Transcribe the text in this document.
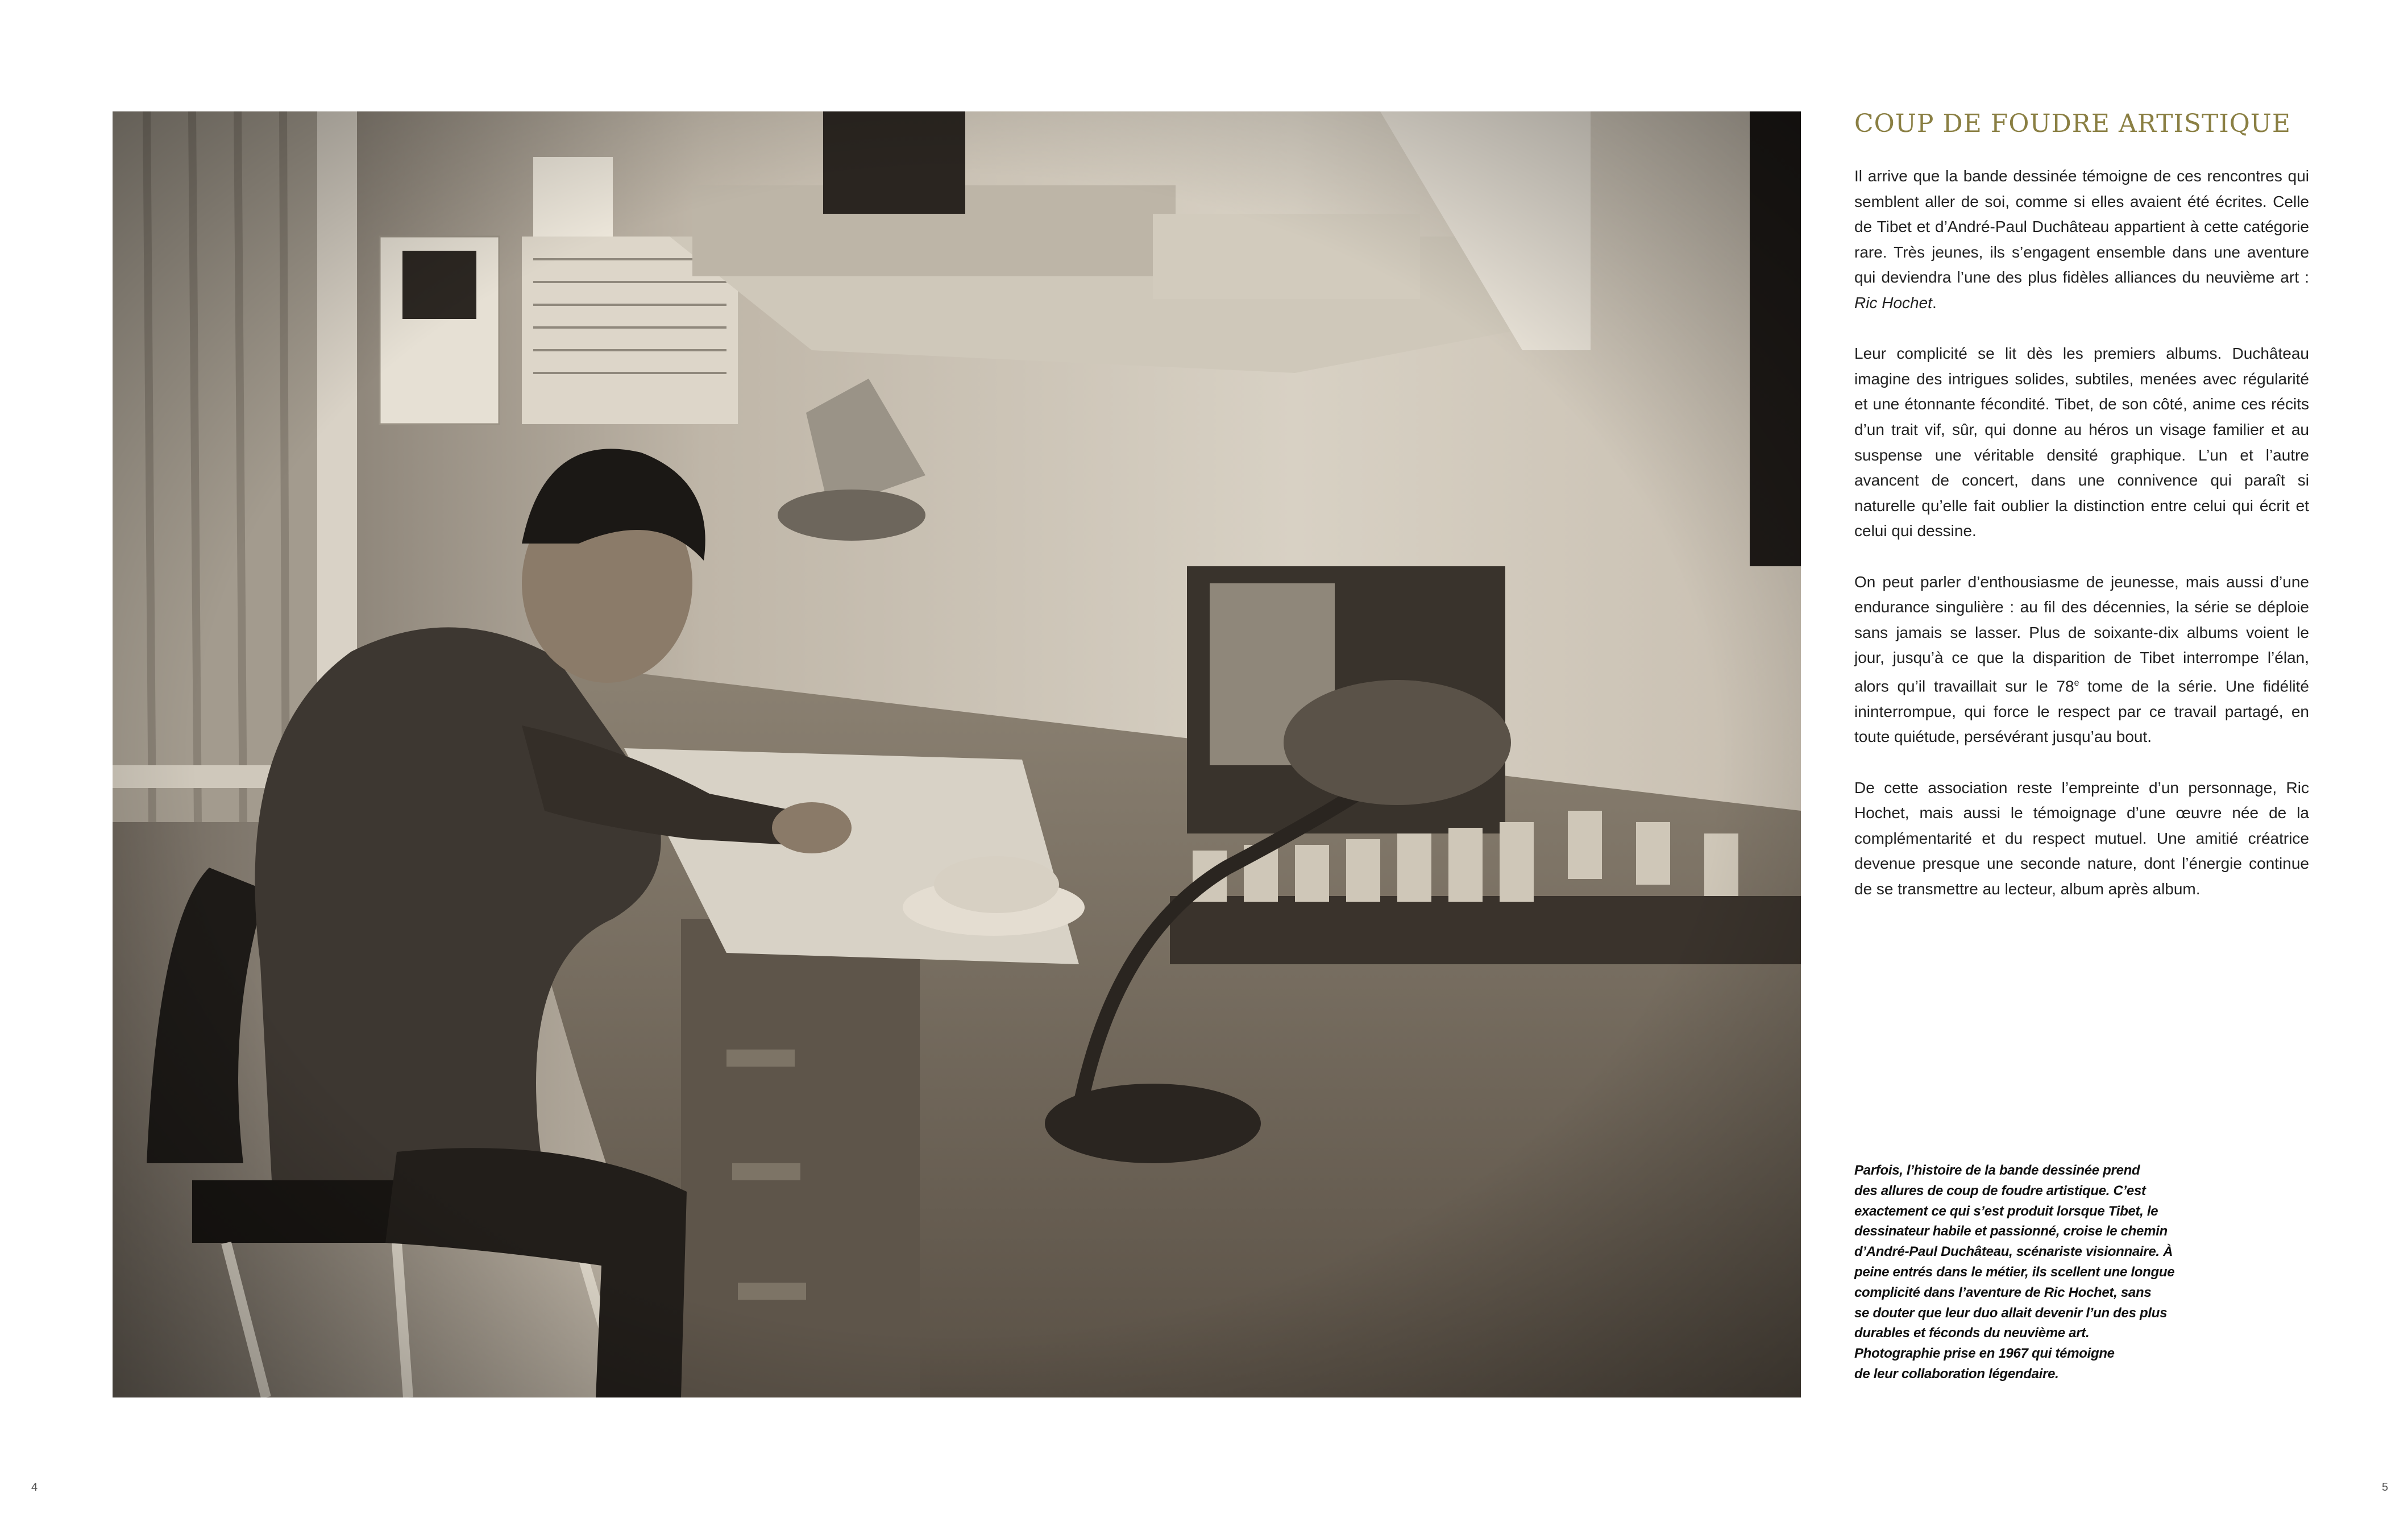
COUP DE FOUDRE ARTISTIQUE

Il arrive que la bande dessinée témoigne de ces rencontres qui semblent aller de soi, comme si elles avaient été écrites. Celle de Tibet et d’André-Paul Duchâteau appartient à cette catégorie rare. Très jeunes, ils s’engagent ensemble dans une aventure qui deviendra l’une des plus fidèles alliances du neuvième art : Ric Hochet.

Leur complicité se lit dès les premiers albums. Duchâteau imagine des intrigues solides, subtiles, menées avec régularité et une étonnante fécondité. Tibet, de son côté, anime ces récits d’un trait vif, sûr, qui donne au héros un visage familier et au suspense une véritable densité graphique. L’un et l’autre avancent de concert, dans une connivence qui paraît si naturelle qu’elle fait oublier la distinction entre celui qui écrit et celui qui dessine.

On peut parler d’enthousiasme de jeunesse, mais aussi d’une endurance singulière : au fil des décennies, la série se déploie sans jamais se lasser. Plus de soixante-dix albums voient le jour, jusqu’à ce que la disparition de Tibet interrompe l’élan, alors qu’il travaillait sur le 78e tome de la série. Une fidélité ininterrompue, qui force le respect par ce travail partagé, en toute quiétude, persévérant jusqu’au bout.

De cette association reste l’empreinte d’un personnage, Ric Hochet, mais aussi le témoignage d’une œuvre née de la complémentarité et du respect mutuel. Une amitié créatrice devenue presque une seconde nature, dont l’énergie continue de se transmettre au lecteur, album après album.

Parfois, l’histoire de la bande dessinée prend
des allures de coup de foudre artistique. C’est
exactement ce qui s’est produit lorsque Tibet, le
dessinateur habile et passionné, croise le chemin
d’André-Paul Duchâteau, scénariste visionnaire. À
peine entrés dans le métier, ils scellent une longue
complicité dans l’aventure de Ric Hochet, sans
se douter que leur duo allait devenir l’un des plus
durables et féconds du neuvième art.
Photographie prise en 1967 qui témoigne
de leur collaboration légendaire.
4	5
